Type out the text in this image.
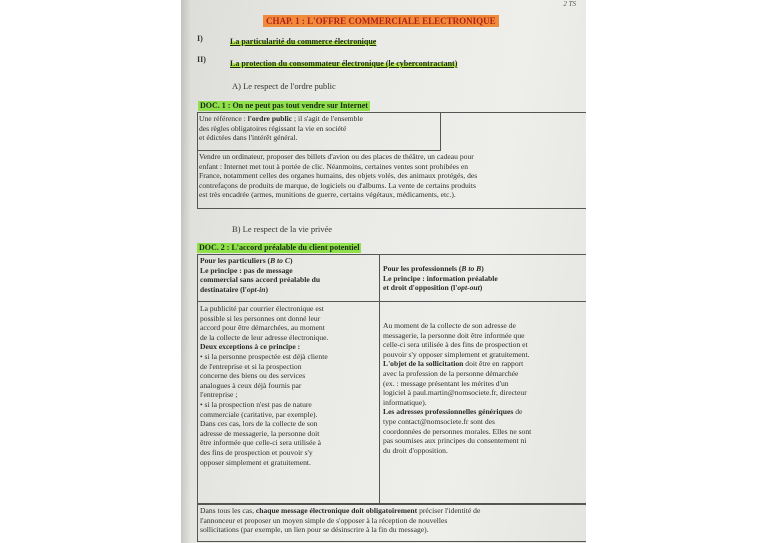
2 TS
CHAP. 1 : L'OFFRE COMMERCIALE ELECTRONIQUE
I)	La particularité du commerce électronique
II)	La protection du consommateur électronique (le cybercontractant)
A) Le respect de l'ordre public
DOC. 1 : On ne peut pas tout vendre sur Internet
Une référence : l'ordre public ; il s'agit de l'ensemble
des règles obligatoires régissant la vie en société
et édictées dans l'intérêt général.
Vendre un ordinateur, proposer des billets d'avion ou des places de théâtre, un cadeau pour
enfant : Internet met tout à portée de clic. Néanmoins, certaines ventes sont prohibées en
France, notamment celles des organes humains, des objets volés, des animaux protégés, des
contrefaçons de produits de marque, de logiciels ou d'albums. La vente de certains produits
est très encadrée (armes, munitions de guerre, certains végétaux, médicaments, etc.).
B) Le respect de la vie privée
DOC. 2 : L'accord préalable du client potentiel
Pour les particuliers (B to C)
Le principe : pas de message
commercial sans accord préalable du
destinataire (l'opt-in)
Pour les professionnels (B to B)
Le principe : information préalable
et droit d'opposition (l'opt-out)
La publicité par courrier électronique est
possible si les personnes ont donné leur
accord pour être démarchées, au moment
de la collecte de leur adresse électronique.
Deux exceptions à ce principe :
• si la personne prospectée est déjà cliente
de l'entreprise et si la prospection
concerne des biens ou des services
analogues à ceux déjà fournis par
l'entreprise ;
• si la prospection n'est pas de nature
commerciale (caritative, par exemple).
Dans ces cas, lors de la collecte de son
adresse de messagerie, la personne doit
être informée que celle-ci sera utilisée à
des fins de prospection et pouvoir s'y
opposer simplement et gratuitement.
Au moment de la collecte de son adresse de
messagerie, la personne doit être informée que
celle-ci sera utilisée à des fins de prospection et
pouvoir s'y opposer simplement et gratuitement.
L'objet de la sollicitation doit être en rapport
avec la profession de la personne démarchée
(ex. : message présentant les mérites d'un
logiciel à paul.martin@nomsociete.fr, directeur
informatique).
Les adresses professionnelles génériques de
type contact@nomsociete.fr sont des
coordonnées de personnes morales. Elles ne sont
pas soumises aux principes du consentement ni
du droit d'opposition.
Dans tous les cas, chaque message électronique doit obligatoirement préciser l'identité de
l'annonceur et proposer un moyen simple de s'opposer à la réception de nouvelles
sollicitations (par exemple, un lien pour se désinscrire à la fin du message).
